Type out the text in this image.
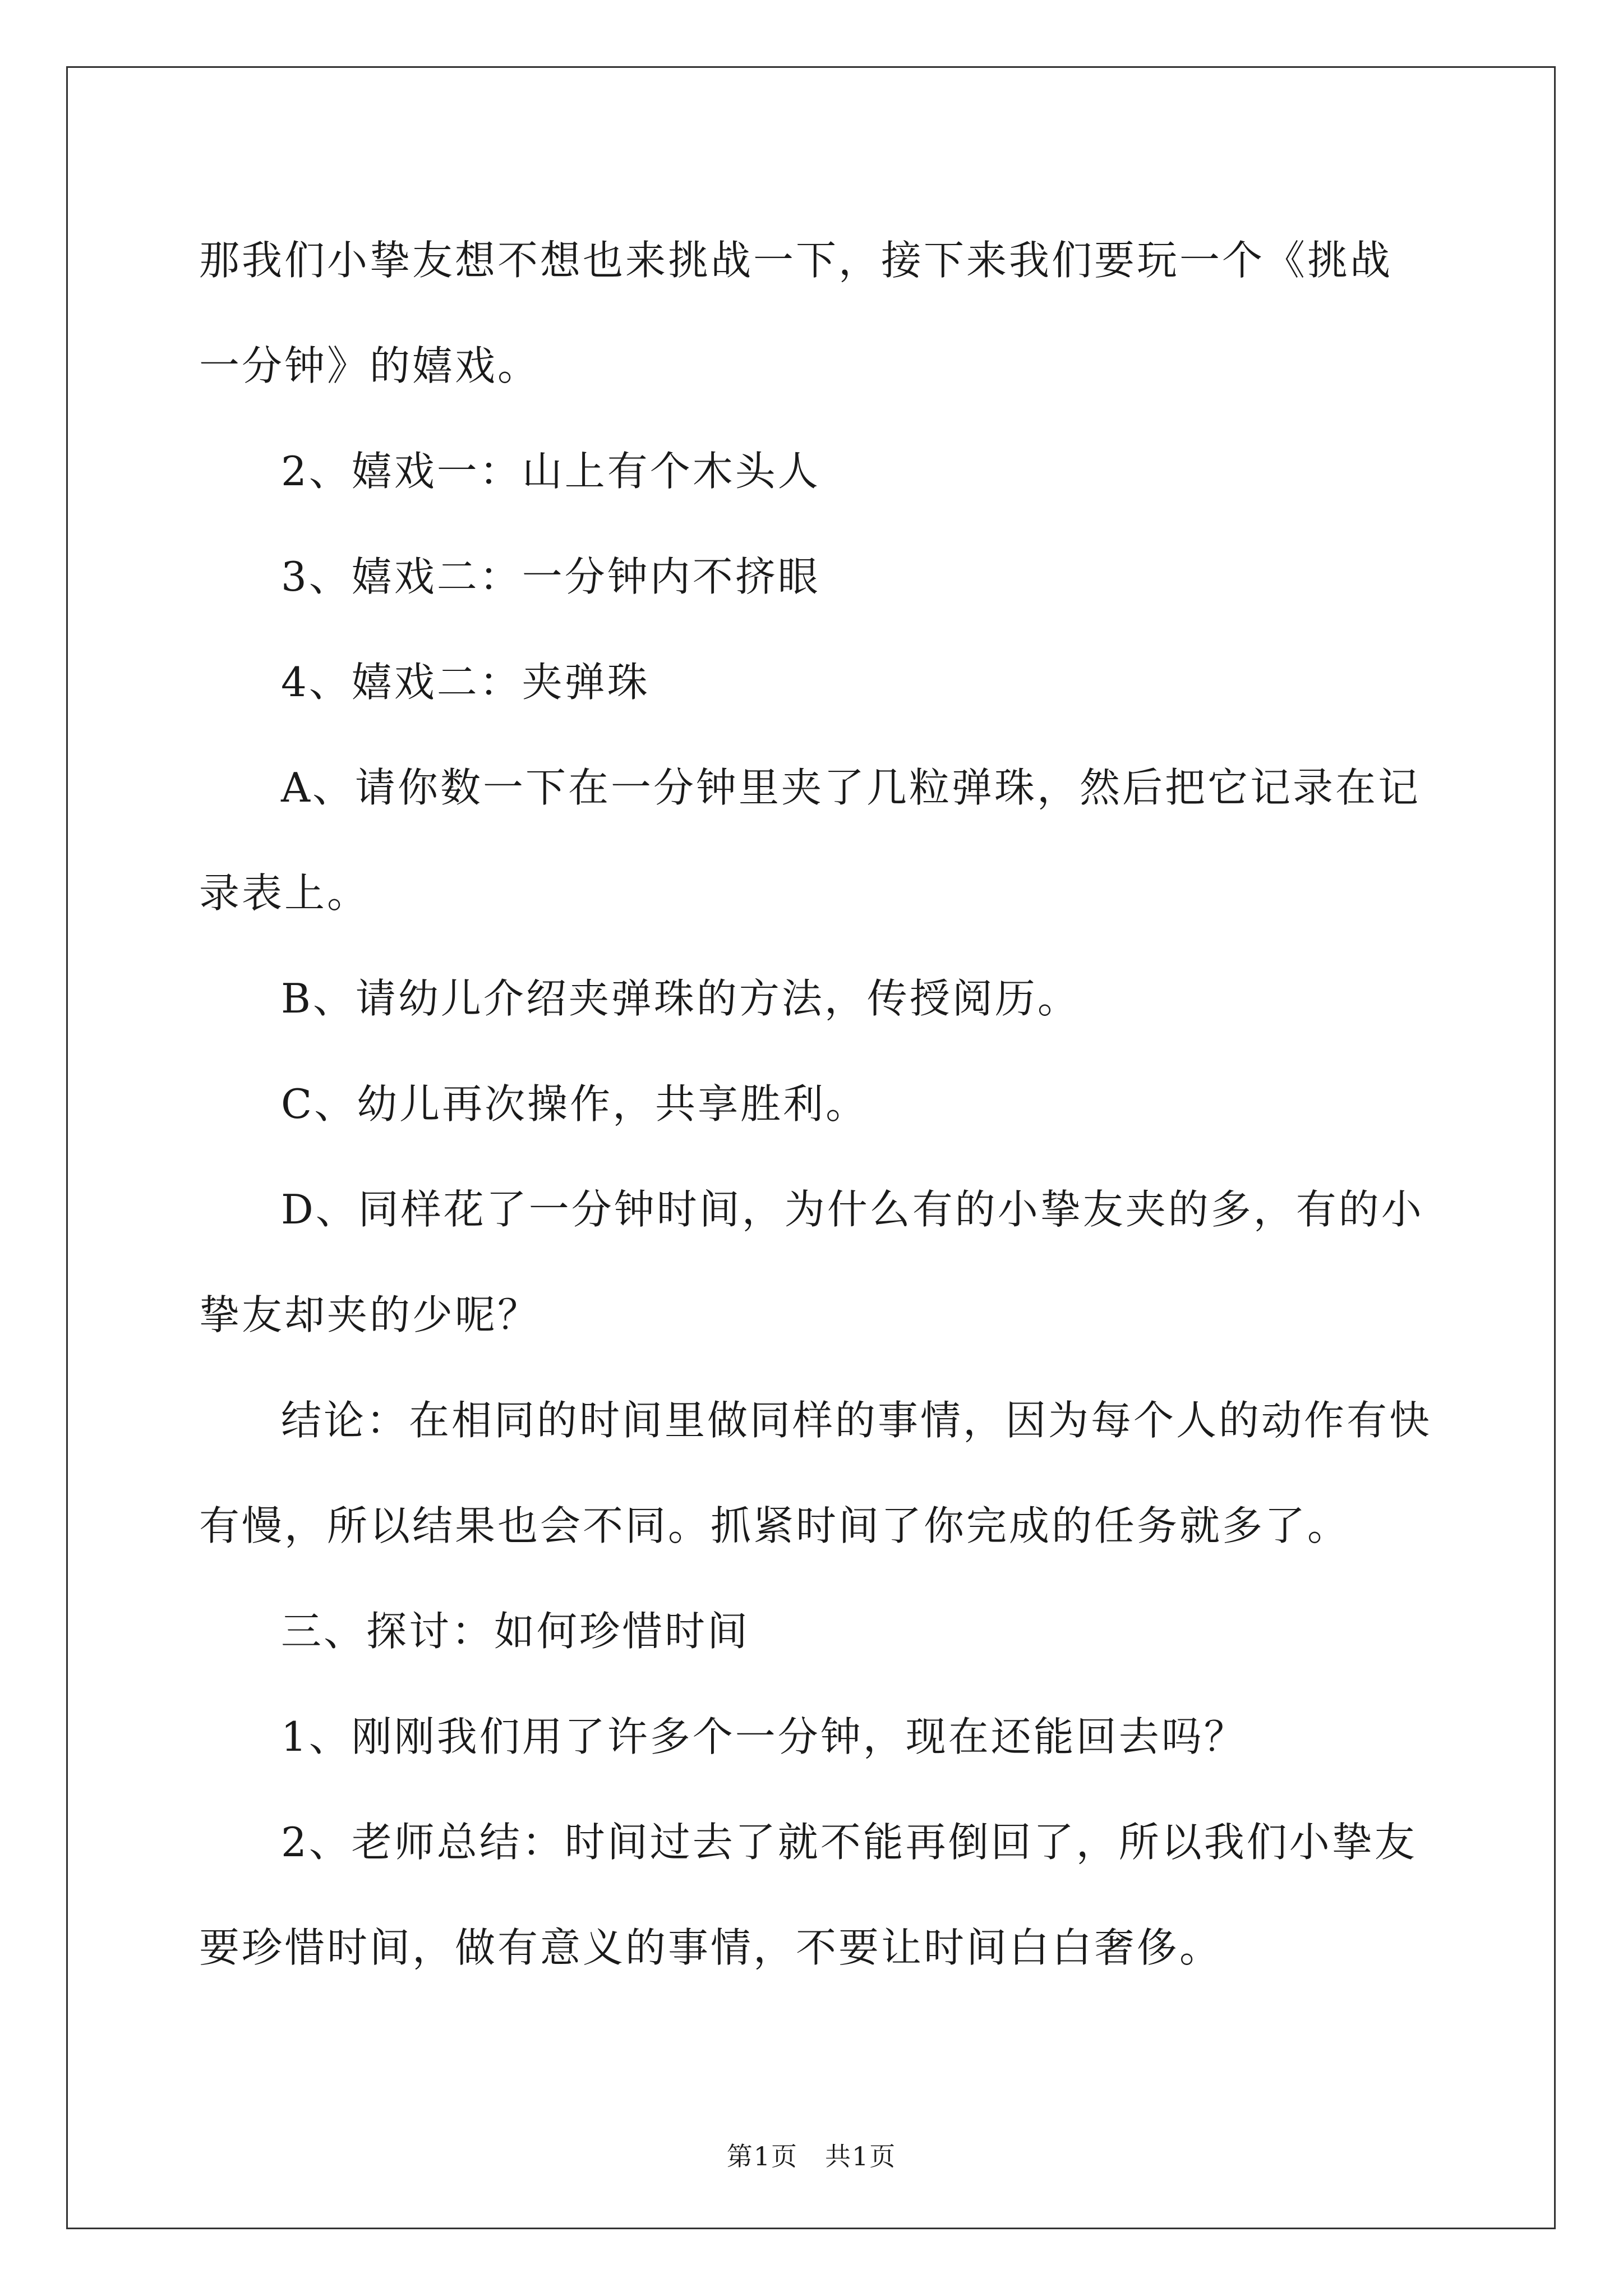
那我们小挚友想不想也来挑战一下，接下来我们要玩一个《挑战一分钟》的嬉戏。

2、嬉戏一：山上有个木头人

3、嬉戏二：一分钟内不挤眼

4、嬉戏二：夹弹珠

A、请你数一下在一分钟里夹了几粒弹珠，然后把它记录在记录表上。

B、请幼儿介绍夹弹珠的方法，传授阅历。

C、幼儿再次操作，共享胜利。

D、同样花了一分钟时间，为什么有的小挚友夹的多，有的小挚友却夹的少呢？

结论：在相同的时间里做同样的事情，因为每个人的动作有快有慢，所以结果也会不同。抓紧时间了你完成的任务就多了。

三、探讨：如何珍惜时间

1、刚刚我们用了许多个一分钟，现在还能回去吗？

2、老师总结：时间过去了就不能再倒回了，所以我们小挚友要珍惜时间，做有意义的事情，不要让时间白白奢侈。

第1页　共1页
